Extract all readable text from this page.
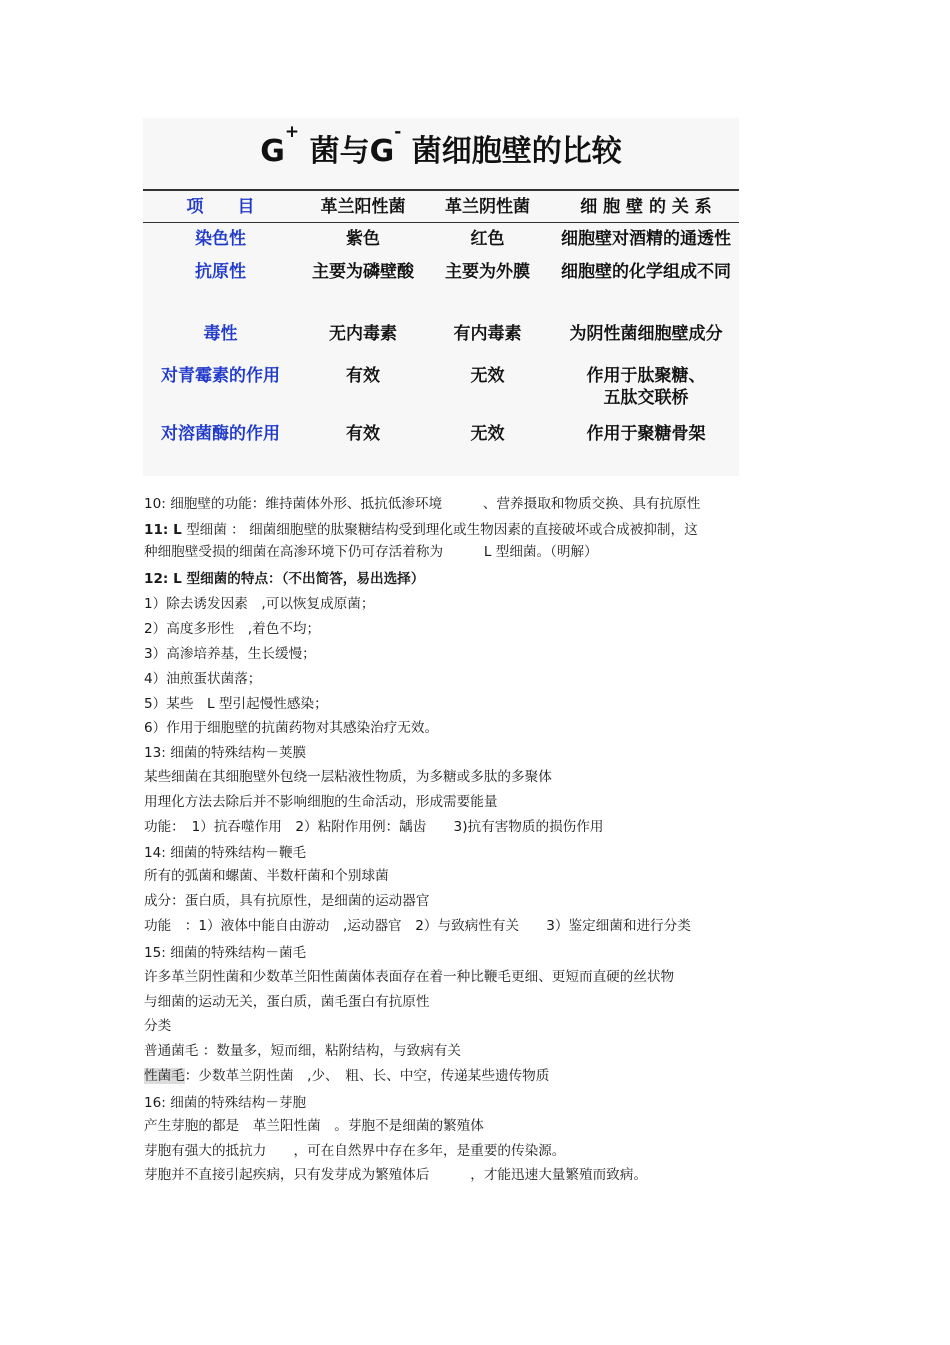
G+ 菌与G- 菌细胞壁的比较
项　　目	革兰阳性菌	革兰阴性菌	细 胞 壁 的 关 系
染色性	紫色	红色	细胞壁对酒精的通透性
抗原性	主要为磷壁酸	主要为外膜	细胞壁的化学组成不同
毒性	无内毒素	有内毒素	为阴性菌细胞壁成分
对青霉素的作用	有效	无效	作用于肽聚糖、
五肽交联桥
对溶菌酶的作用	有效	无效	作用于聚糖骨架
10: 细胞壁的功能：维持菌体外形、抵抗低渗环境　　　、营养摄取和物质交换、具有抗原性
11: L 型细菌 ： 细菌细胞壁的肽聚糖结构受到理化或生物因素的直接破坏或合成被抑制，这
种细胞壁受损的细菌在高渗环境下仍可存活着称为　　　L 型细菌。（明解）
12: L 型细菌的特点：（不出简答，易出选择）
1）除去诱发因素　,可以恢复成原菌；
2）高度多形性　,着色不均；
3）高渗培养基，生长缓慢；
4）油煎蛋状菌落；
5）某些　L 型引起慢性感染；
6）作用于细胞壁的抗菌药物对其感染治疗无效。
13: 细菌的特殊结构－荚膜
某些细菌在其细胞壁外包绕一层粘液性物质，为多糖或多肽的多聚体
用理化方法去除后并不影响细胞的生命活动，形成需要能量
功能：　1）抗吞噬作用　2）粘附作用例：龋齿　　3)抗有害物质的损伤作用
14: 细菌的特殊结构－鞭毛
所有的弧菌和螺菌、半数杆菌和个别球菌
成分：蛋白质，具有抗原性，是细菌的运动器官
功能　：1）液体中能自由游动　,运动器官　2）与致病性有关　　3）鉴定细菌和进行分类
15: 细菌的特殊结构－菌毛
许多革兰阴性菌和少数革兰阳性菌菌体表面存在着一种比鞭毛更细、更短而直硬的丝状物
与细菌的运动无关，蛋白质，菌毛蛋白有抗原性
分类
普通菌毛 ：数量多，短而细，粘附结构，与致病有关
性菌毛：少数革兰阴性菌　,少、　粗、长、中空，传递某些遗传物质
16: 细菌的特殊结构－芽胞
产生芽胞的都是　革兰阳性菌　。芽胞不是细菌的繁殖体
芽胞有强大的抵抗力　　，可在自然界中存在多年，是重要的传染源。
芽胞并不直接引起疾病，只有发芽成为繁殖体后　　　，才能迅速大量繁殖而致病。
